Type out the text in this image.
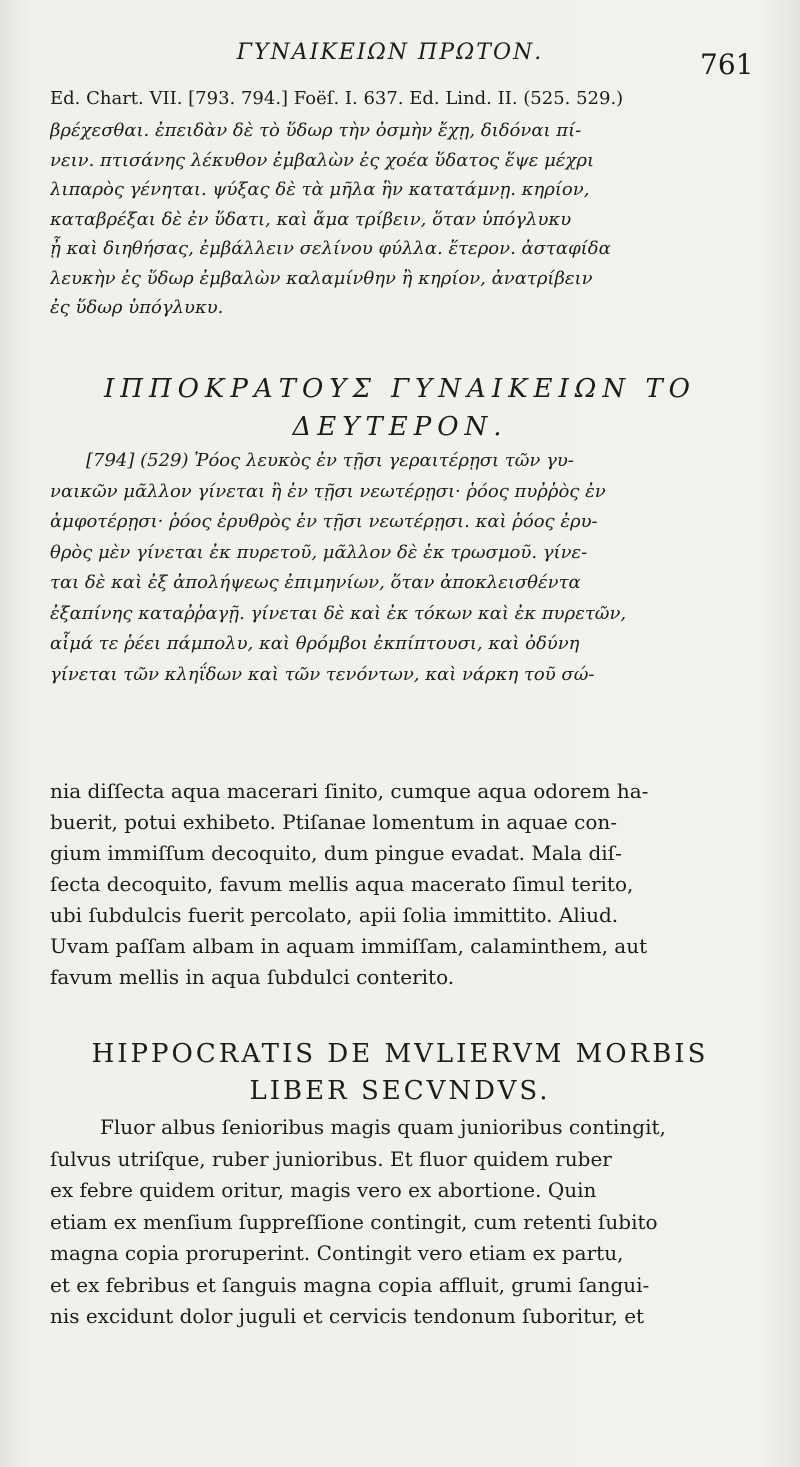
ΓΥΝΑΙΚΕΙΩΝ ΠΡΩΤΟΝ.	761
Ed. Chart. VII. [793. 794.] Foëſ. I. 637. Ed. Lind. II. (525. 529.)
βρέχεσθαι. ἐπειδὰν δὲ τὸ ὕδωρ τὴν ὀσμὴν ἔχῃ, διδόναι πί-
νειν. πτισάνης λέκυθον ἐμβαλὼν ἐς χοέα ὕδατος ἕψε μέχρι
λιπαρὸς γένηται. ψύξας δὲ τὰ μῆλα ἣν κατατάμνῃ. κηρίον,
καταβρέξαι δὲ ἐν ὕδατι, καὶ ἅμα τρίβειν, ὅταν ὑπόγλυκυ
ᾖ καὶ διηθήσας, ἐμβάλλειν σελίνου φύλλα. ἕτερον. ἀσταφίδα
λευκὴν ἐς ὕδωρ ἐμβαλὼν καλαμίνθην ἢ κηρίον, ἀνατρίβειν
ἐς ὕδωρ ὑπόγλυκυ.
ΙΠΠΟΚΡΑΤΟΥΣ ΓΥΝΑΙΚΕΙΩΝ ΤΟ
ΔΕΥΤΕΡΟΝ.
[794] (529) Ῥόος λευκὸς ἐν τῇσι γεραιτέρῃσι τῶν γυ-
ναικῶν μᾶλλον γίνεται ἢ ἐν τῇσι νεωτέρῃσι· ῥόος πυῤῥὸς ἐν
ἀμφοτέρῃσι· ῥόος ἐρυθρὸς ἐν τῇσι νεωτέρῃσι. καὶ ῥόος ἐρυ-
θρὸς μὲν γίνεται ἐκ πυρετοῦ, μᾶλλον δὲ ἐκ τρωσμοῦ. γίνε-
ται δὲ καὶ ἐξ ἀπολήψεως ἐπιμηνίων, ὅταν ἀποκλεισθέντα
ἐξαπίνης καταῤῥαγῇ. γίνεται δὲ καὶ ἐκ τόκων καὶ ἐκ πυρετῶν,
αἷμά τε ῥέει πάμπολυ, καὶ θρόμβοι ἐκπίπτουσι, καὶ ὀδύνη
γίνεται τῶν κληΐδων καὶ τῶν τενόντων, καὶ νάρκη τοῦ σώ-
nia diſſecta aqua macerari ſinito, cumque aqua odorem ha-
buerit, potui exhibeto. Ptiſanae lomentum in aquae con-
gium immiſſum decoquito, dum pingue evadat. Mala diſ-
ſecta decoquito, favum mellis aqua macerato ſimul terito,
ubi ſubdulcis fuerit percolato, apii ſolia immittito. Aliud.
Uvam paſſam albam in aquam immiſſam, calaminthem, aut
favum mellis in aqua ſubdulci conterito.
HIPPOCRATIS DE MVLIERVM MORBIS
LIBER SECVNDVS.
Fluor albus ſenioribus magis quam junioribus contingit,
ſulvus utriſque, ruber junioribus. Et fluor quidem ruber
ex febre quidem oritur, magis vero ex abortione. Quin
etiam ex menſium ſuppreſſione contingit, cum retenti ſubito
magna copia proruperint. Contingit vero etiam ex partu,
et ex febribus et ſanguis magna copia affluit, grumi ſangui-
nis excidunt dolor juguli et cervicis tendonum ſuboritur, et
